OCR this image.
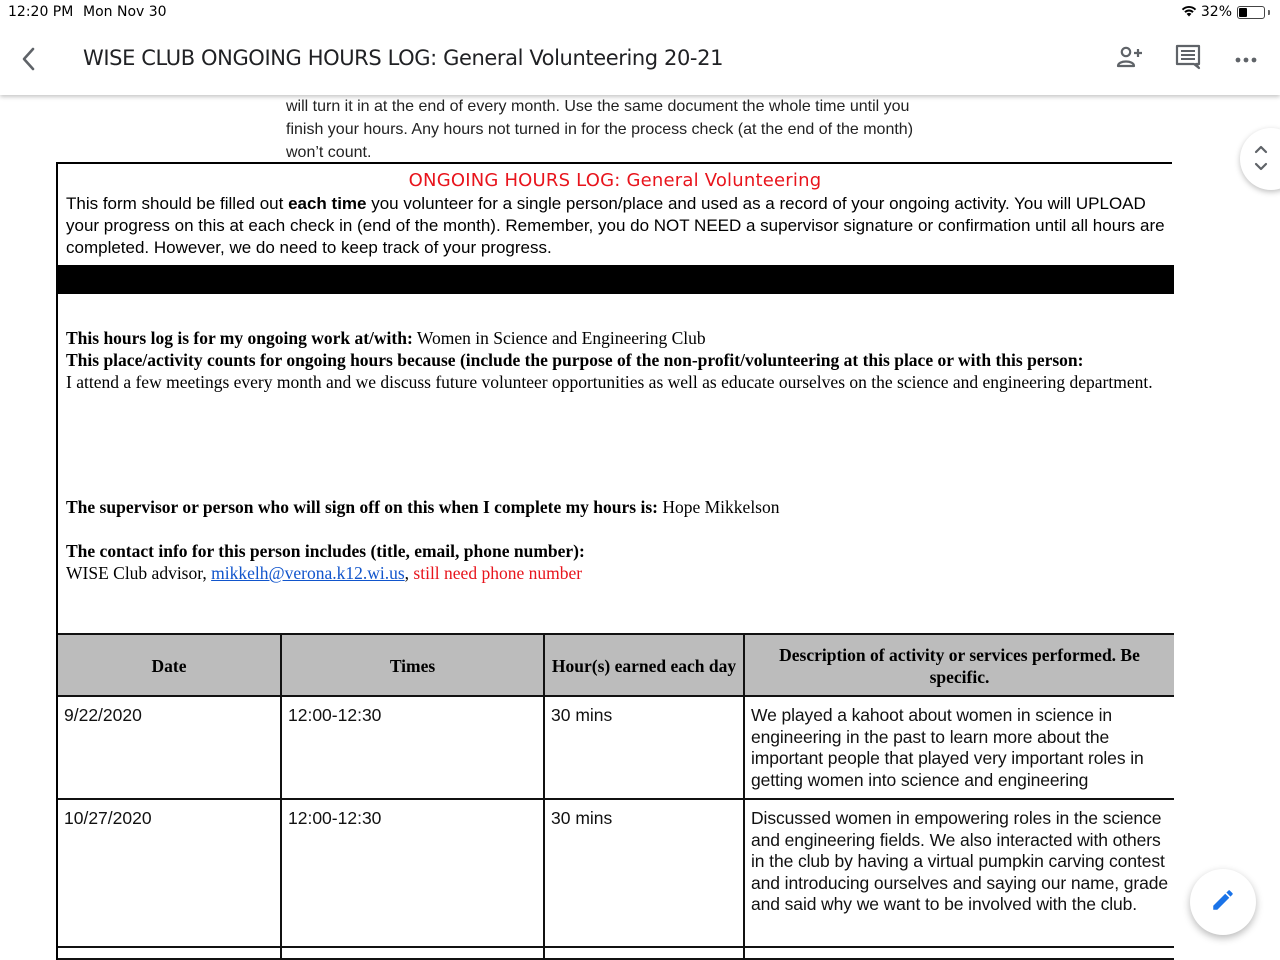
12:20 PM Mon Nov 30	32%
WISE CLUB ONGOING HOURS LOG: General Volunteering 20-21
will turn it in at the end of every month. Use the same document the whole time until you finish your hours. Any hours not turned in for the process check (at the end of the month) won’t count.
ONGOING HOURS LOG: General Volunteering
This form should be filled out each time you volunteer for a single person/place and used as a record of your ongoing activity. You will UPLOAD your progress on this at each check in (end of the month). Remember, you do NOT NEED a supervisor signature or confirmation until all hours are completed. However, we do need to keep track of your progress.
This hours log is for my ongoing work at/with: Women in Science and Engineering Club
This place/activity counts for ongoing hours because (include the purpose of the non-profit/volunteering at this place or with this person:
I attend a few meetings every month and we discuss future volunteer opportunities as well as educate ourselves on the science and engineering department.
The supervisor or person who will sign off on this when I complete my hours is: Hope Mikkelson
The contact info for this person includes (title, email, phone number):
WISE Club advisor, mikkelh@verona.k12.wi.us, still need phone number
Date	Times	Hour(s) earned each day	Description of activity or services performed. Be specific.
9/22/2020	12:00-12:30	30 mins	We played a kahoot about women in science in engineering in the past to learn more about the important people that played very important roles in getting women into science and engineering
10/27/2020	12:00-12:30	30 mins	Discussed women in empowering roles in the science and engineering fields. We also interacted with others in the club by having a virtual pumpkin carving contest and introducing ourselves and saying our name, grade and said why we want to be involved with the club.
